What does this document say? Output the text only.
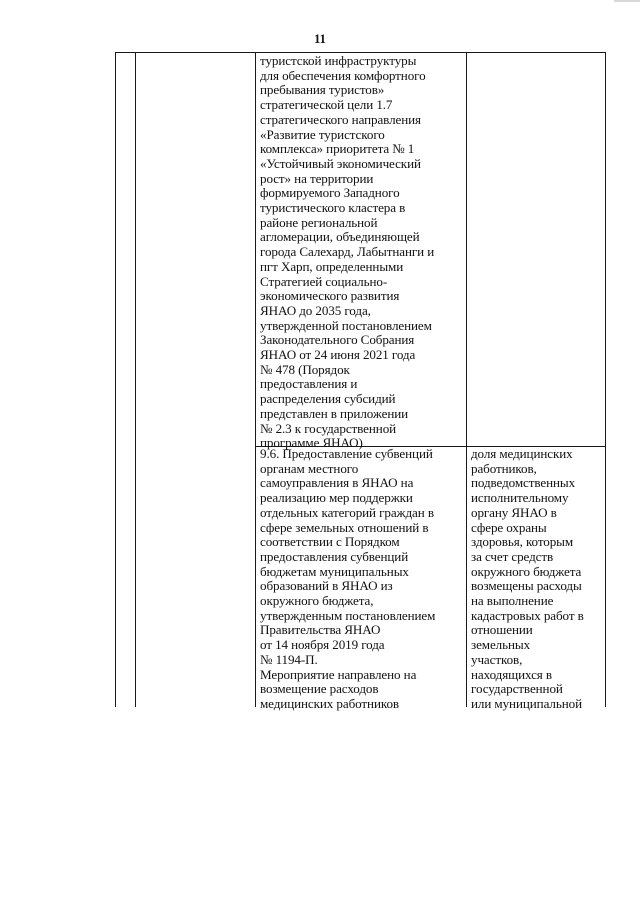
11
туристской инфраструктуры
для обеспечения комфортного
пребывания туристов»
стратегической цели 1.7
стратегического направления
«Развитие туристского
комплекса» приоритета № 1
«Устойчивый экономический
рост» на территории
формируемого Западного
туристического кластера в
районе региональной
агломерации, объединяющей
города Салехард, Лабытнанги и
пгт Харп, определенными
Стратегией социально-
экономического развития
ЯНАО до 2035 года,
утвержденной постановлением
Законодательного Собрания
ЯНАО от 24 июня 2021 года
№ 478 (Порядок
предоставления и
распределения субсидий
представлен в приложении
№ 2.3 к государственной
программе ЯНАО)
9.6. Предоставление субвенций
органам местного
самоуправления в ЯНАО на
реализацию мер поддержки
отдельных категорий граждан в
сфере земельных отношений в
соответствии с Порядком
предоставления субвенций
бюджетам муниципальных
образований в ЯНАО из
окружного бюджета,
утвержденным постановлением
Правительства ЯНАО
от 14 ноября 2019 года
№ 1194-П.
Мероприятие направлено на
возмещение расходов
медицинских работников
доля медицинских
работников,
подведомственных
исполнительному
органу ЯНАО в
сфере охраны
здоровья, которым
за счет средств
окружного бюджета
возмещены расходы
на выполнение
кадастровых работ в
отношении
земельных
участков,
находящихся в
государственной
или муниципальной
